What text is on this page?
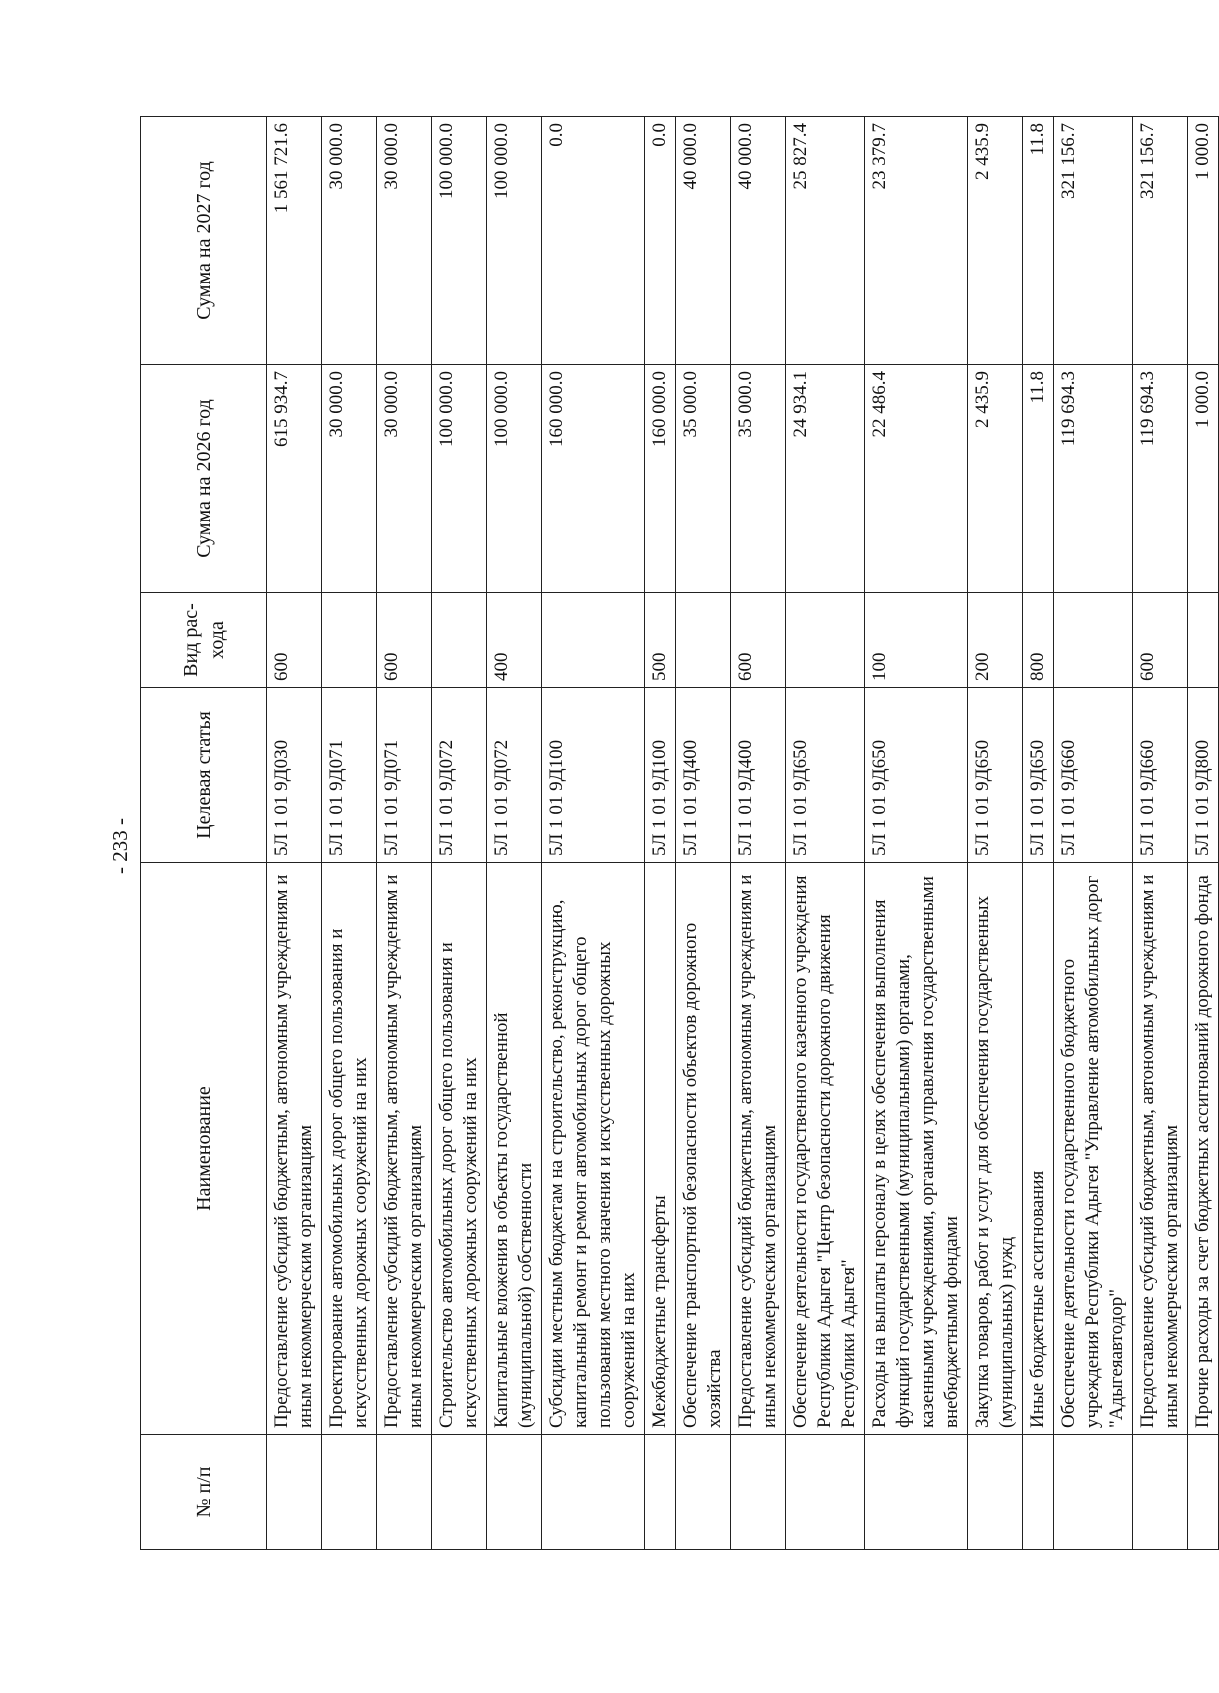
- 233 -
№ п/п	Наименование	Целевая статья	Вид рас-хода	Сумма на 2026 год	Сумма на 2027 год
	Предоставление субсидий бюджетным, автономным учреждениям и иным некоммерческим организациям	5Л 1 01 9Д030	600	615 934.7	1 561 721.6
	Проектирование автомобильных дорог общего пользования и искусственных дорожных сооружений на них	5Л 1 01 9Д071		30 000.0	30 000.0
	Предоставление субсидий бюджетным, автономным учреждениям и иным некоммерческим организациям	5Л 1 01 9Д071	600	30 000.0	30 000.0
	Строительство автомобильных дорог общего пользования и искусственных дорожных сооружений на них	5Л 1 01 9Д072		100 000.0	100 000.0
	Капитальные вложения в объекты государственной (муниципальной) собственности	5Л 1 01 9Д072	400	100 000.0	100 000.0
	Субсидии местным бюджетам на строительство, реконструкцию, капитальный ремонт и ремонт автомобильных дорог общего пользования местного значения и искусственных дорожных сооружений на них	5Л 1 01 9Д100		160 000.0	0.0
	Межбюджетные трансферты	5Л 1 01 9Д100	500	160 000.0	0.0
	Обеспечение транспортной безопасности объектов дорожного хозяйства	5Л 1 01 9Д400		35 000.0	40 000.0
	Предоставление субсидий бюджетным, автономным учреждениям и иным некоммерческим организациям	5Л 1 01 9Д400	600	35 000.0	40 000.0
	Обеспечение деятельности государственного казенного учреждения Республики Адыгея "Центр безопасности дорожного движения Республики Адыгея"	5Л 1 01 9Д650		24 934.1	25 827.4
	Расходы на выплаты персоналу в целях обеспечения выполнения функций государственными (муниципальными) органами, казенными учреждениями, органами управления государственными внебюджетными фондами	5Л 1 01 9Д650	100	22 486.4	23 379.7
	Закупка товаров, работ и услуг для обеспечения государственных (муниципальных) нужд	5Л 1 01 9Д650	200	2 435.9	2 435.9
	Иные бюджетные ассигнования	5Л 1 01 9Д650	800	11.8	11.8
	Обеспечение деятельности государственного бюджетного учреждения Республики Адыгея "Управление автомобильных дорог "Адыгеяавтодор"	5Л 1 01 9Д660		119 694.3	321 156.7
	Предоставление субсидий бюджетным, автономным учреждениям и иным некоммерческим организациям	5Л 1 01 9Д660	600	119 694.3	321 156.7
	Прочие расходы за счет бюджетных ассигнований дорожного фонда	5Л 1 01 9Д800		1 000.0	1 000.0
